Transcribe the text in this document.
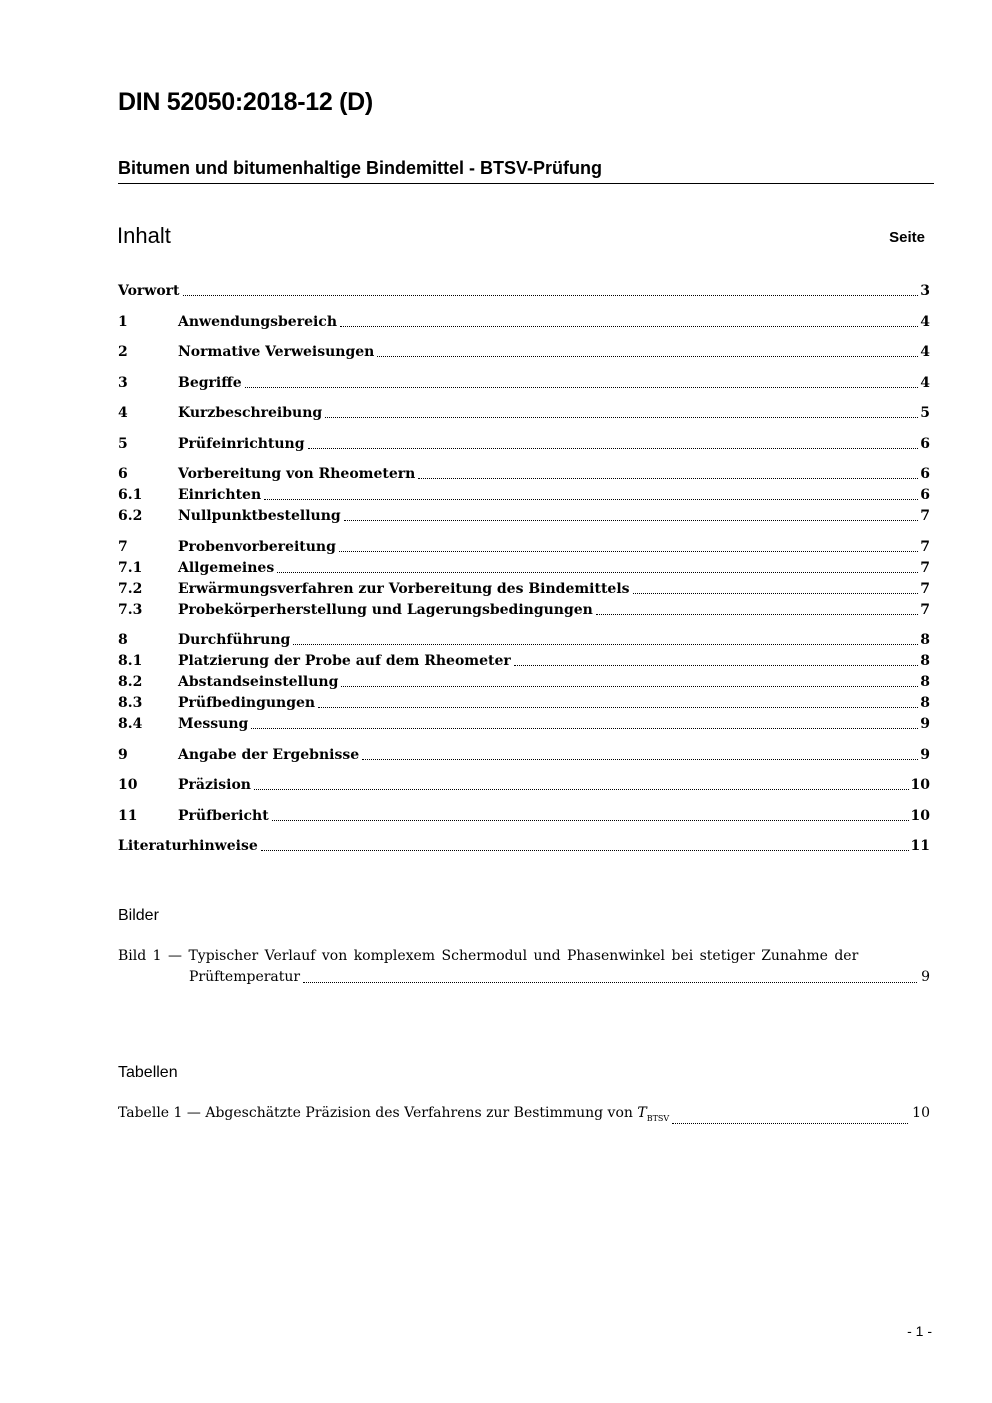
DIN 52050:2018-12 (D)
Bitumen und bitumenhaltige Bindemittel - BTSV-Prüfung
Inhalt	Seite
Vorwort	3
1	Anwendungsbereich	4
2	Normative Verweisungen	4
3	Begriffe	4
4	Kurzbeschreibung	5
5	Prüfeinrichtung	6
6	Vorbereitung von Rheometern	6
6.1	Einrichten	6
6.2	Nullpunktbestellung	7
7	Probenvorbereitung	7
7.1	Allgemeines	7
7.2	Erwärmungsverfahren zur Vorbereitung des Bindemittels	7
7.3	Probekörperherstellung und Lagerungsbedingungen	7
8	Durchführung	8
8.1	Platzierung der Probe auf dem Rheometer	8
8.2	Abstandseinstellung	8
8.3	Prüfbedingungen	8
8.4	Messung	9
9	Angabe der Ergebnisse	9
10	Präzision	10
11	Prüfbericht	10
Literaturhinweise	11
Bilder
Bild 1 — Typischer Verlauf von komplexem Schermodul und Phasenwinkel bei stetiger Zunahme der
Prüftemperatur	9
Tabellen
Tabelle 1 — Abgeschätzte Präzision des Verfahrens zur Bestimmung von $T_{BTSV}$	10
- 1 -
